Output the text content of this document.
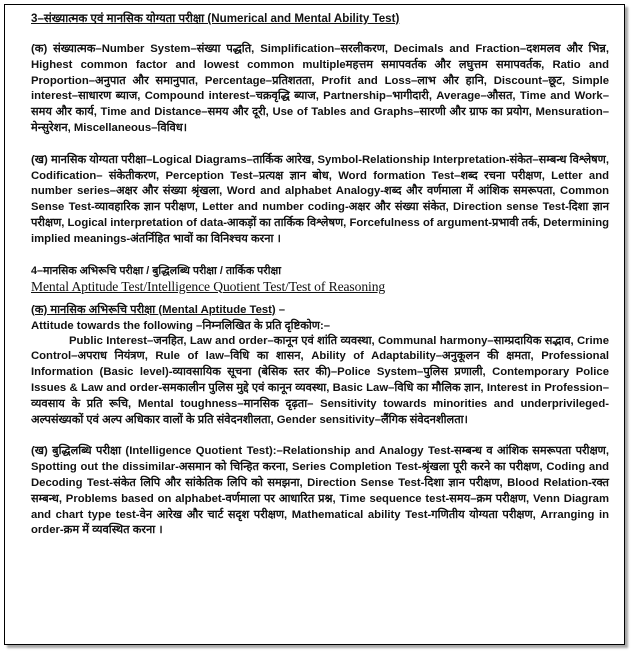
3–संख्यात्मक एवं मानसिक योग्यता परीक्षा (Numerical and Mental Ability Test)

(क) संख्यात्मक–Number System–संख्या पद्धति, Simplification–सरलीकरण, Decimals and Fraction–दशमलव और भिन्न, Highest common factor and lowest common multipleमहत्तम समापवर्तक और लघुत्तम समापवर्तक, Ratio and Proportion–अनुपात और समानुपात, Percentage–प्रतिशतता, Profit and Loss–लाभ और हानि, Discount–छूट, Simple interest–साधारण ब्याज, Compound interest–चक्रवृद्धि ब्याज, Partnership–भागीदारी, Average–औसत, Time and Work–समय और कार्य, Time and Distance–समय और दूरी, Use of Tables and Graphs–सारणी और ग्राफ का प्रयोग, Mensuration–मेन्सुरेशन, Miscellaneous–विविध।

(ख) मानसिक योग्यता परीक्षा–Logical Diagrams–तार्किक आरेख, Symbol-Relationship Interpretation-संकेत–सम्बन्ध विश्लेषण, Codification– संकेतीकरण, Perception Test–प्रत्यक्ष ज्ञान बोध, Word formation Test–शब्द रचना परीक्षण, Letter and number series–अक्षर और संख्या श्रृंखला, Word and alphabet Analogy-शब्द और वर्णमाला में आंशिक समरूपता, Common Sense Test-व्यावहारिक ज्ञान परीक्षण, Letter and number coding-अक्षर और संख्या संकेत, Direction sense Test-दिशा ज्ञान परीक्षण, Logical interpretation of data-आकड़ों का तार्किक विश्लेषण, Forcefulness of argument-प्रभावी तर्क, Determining implied meanings-अंतर्निहित भावों का विनिश्चय करना ।

4–मानसिक अभिरूचि परीक्षा / बुद्धिलब्धि परीक्षा / तार्किक परीक्षा
Mental Aptitude Test/Intelligence Quotient Test/Test of Reasoning
(क) मानसिक अभिरूचि परीक्षा (Mental Aptitude Test) –
Attitude towards the following –निम्नलिखित के प्रति दृष्टिकोण:–

Public Interest–जनहित, Law and order–कानून एवं शांति व्यवस्था, Communal harmony–साम्प्रदायिक सद्भाव, Crime Control–अपराध नियंत्रण, Rule of law–विधि का शासन, Ability of Adaptability–अनुकूलन की क्षमता, Professional Information (Basic level)-व्यावसायिक सूचना (बेसिक स्तर की)–Police System–पुलिस प्रणाली, Contemporary Police Issues & Law and order-समकालीन पुलिस मुद्दे एवं कानून व्यवस्था, Basic Law–विधि का मौलिक ज्ञान, Interest in Profession–व्यवसाय के प्रति रूचि, Mental toughness–मानसिक दृढ़ता– Sensitivity towards minorities and underprivileged- अल्पसंख्यकों एवं अल्प अधिकार वालों के प्रति संवेदनशीलता, Gender sensitivity–लैंगिक संवेदनशीलता।

(ख) बुद्धिलब्धि परीक्षा (Intelligence Quotient Test):–Relationship and Analogy Test-सम्बन्ध व आंशिक समरूपता परीक्षण, Spotting out the dissimilar-असमान को चिन्हित करना, Series Completion Test-श्रृंखला पूरी करने का परीक्षण, Coding and Decoding Test-संकेत लिपि और सांकेतिक लिपि को समझना, Direction Sense Test-दिशा ज्ञान परीक्षण, Blood Relation-रक्त सम्बन्ध, Problems based on alphabet-वर्णमाला पर आधारित प्रश्न, Time sequence test-समय–क्रम परीक्षण, Venn Diagram and chart type test-वेन आरेख और चार्ट सदृश परीक्षण, Mathematical ability Test-गणितीय योग्यता परीक्षण, Arranging in order-क्रम में व्यवस्थित करना ।
